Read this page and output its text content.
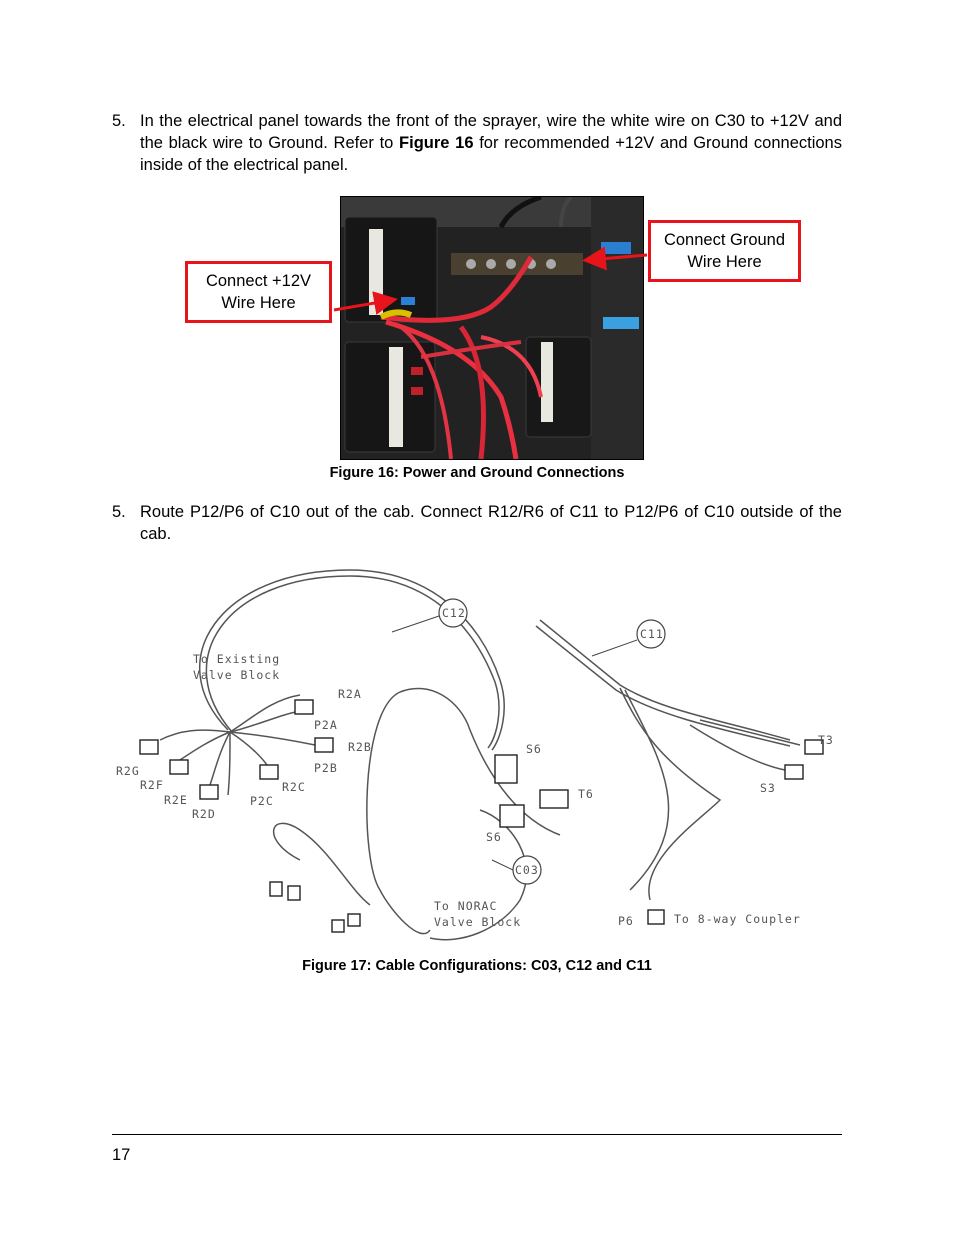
5. In the electrical panel towards the front of the sprayer, wire the white wire on C30 to +12V and the black wire to Ground. Refer to Figure 16 for recommended +12V and Ground connections inside of the electrical panel.
Connect +12V
Wire Here
Connect Ground
Wire Here
Figure 16: Power and Ground Connections
5. Route P12/P6 of C10 out of the cab. Connect R12/R6 of C11 to P12/P6 of C10 outside of the cab.
C12
C11
C03
To Existing
Valve Block
R2A
P2A
R2B
P2B
R2C
P2C
R2G
R2F
R2E
R2D
S6
T6
S6
T3
S3
To NORAC
Valve Block	P6	To 8-way Coupler
Figure 17: Cable Configurations: C03, C12 and C11
17
